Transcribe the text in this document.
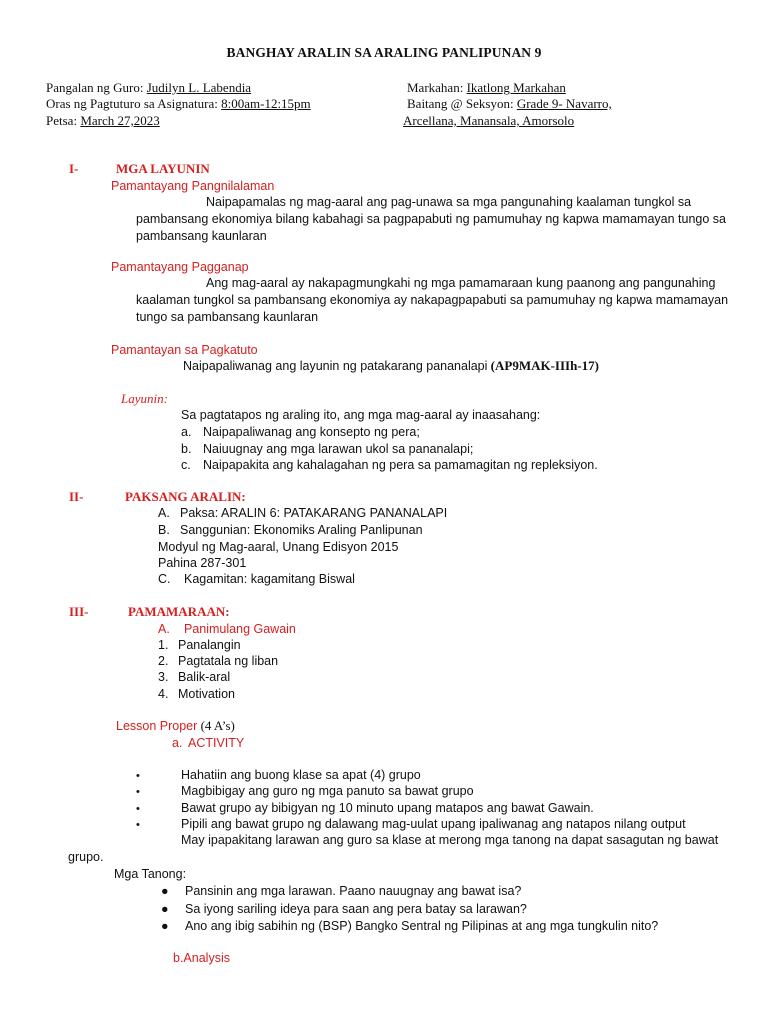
BANGHAY ARALIN SA ARALING PANLIPUNAN 9
Pangalan ng Guro: Judilyn L. Labendia
Oras ng Pagtuturo sa Asignatura: 8:00am-12:15pm
Petsa: March 27,2023
Markahan: Ikatlong Markahan
Baitang @ Seksyon: Grade 9- Navarro,
Arcellana, Manansala, Amorsolo
I-	MGA LAYUNIN
Pamantayang Pangnilalaman
Naipapamalas ng mag-aaral ang pag-unawa sa mga pangunahing kaalaman tungkol sa
pambansang ekonomiya bilang kabahagi sa pagpapabuti ng pamumuhay ng kapwa mamamayan tungo sa
pambansang kaunlaran
Pamantayang Pagganap
Ang mag-aaral ay nakapagmungkahi ng mga pamamaraan kung paanong ang pangunahing
kaalaman tungkol sa pambansang ekonomiya ay nakapagpapabuti sa pamumuhay ng kapwa mamamayan
tungo sa pambansang kaunlaran
Pamantayan sa Pagkatuto
Naipapaliwanag ang layunin ng patakarang pananalapi (AP9MAK-IIIh-17)
Layunin:
Sa pagtatapos ng araling ito, ang mga mag-aaral ay inaasahang:
a. Naipapaliwanag ang konsepto ng pera;
b. Naiuugnay ang mga larawan ukol sa pananalapi;
c. Naipapakita ang kahalagahan ng pera sa pamamagitan ng repleksiyon.
II-	PAKSANG ARALIN:
A. Paksa: ARALIN 6: PATAKARANG PANANALAPI
B. Sanggunian: Ekonomiks Araling Panlipunan
Modyul ng Mag-aaral, Unang Edisyon 2015
Pahina 287-301
C. Kagamitan: kagamitang Biswal
III-	PAMAMARAAN:
A. Panimulang Gawain
1. Panalangin
2. Pagtatala ng liban
3. Balik-aral
4. Motivation
Lesson Proper (4 A’s)
a. ACTIVITY
•	Hahatiin ang buong klase sa apat (4) grupo
•	Magbibigay ang guro ng mga panuto sa bawat grupo
•	Bawat grupo ay bibigyan ng 10 minuto upang matapos ang bawat Gawain.
•	Pipili ang bawat grupo ng dalawang mag-uulat upang ipaliwanag ang natapos nilang output
May ipapakitang larawan ang guro sa klase at merong mga tanong na dapat sasagutan ng bawat
grupo.
Mga Tanong:
● Pansinin ang mga larawan. Paano nauugnay ang bawat isa?
● Sa iyong sariling ideya para saan ang pera batay sa larawan?
● Ano ang ibig sabihin ng (BSP) Bangko Sentral ng Pilipinas at ang mga tungkulin nito?
b.Analysis
